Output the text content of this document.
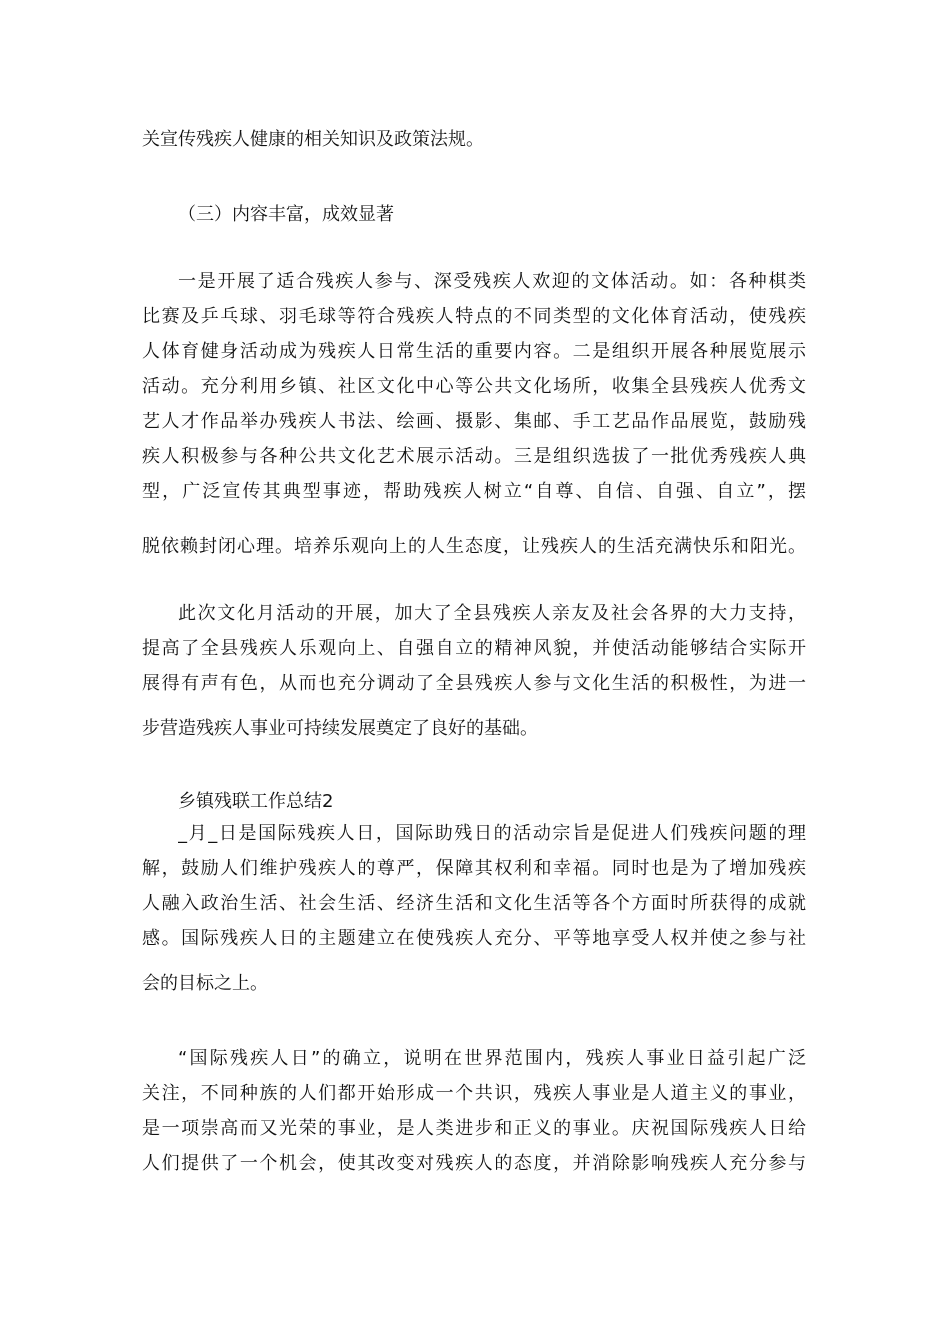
关宣传残疾人健康的相关知识及政策法规。
（三）内容丰富，成效显著
一是开展了适合残疾人参与、深受残疾人欢迎的文体活动。如：各种棋类
比赛及乒乓球、羽毛球等符合残疾人特点的不同类型的文化体育活动，使残疾
人体育健身活动成为残疾人日常生活的重要内容。二是组织开展各种展览展示
活动。充分利用乡镇、社区文化中心等公共文化场所，收集全县残疾人优秀文
艺人才作品举办残疾人书法、绘画、摄影、集邮、手工艺品作品展览，鼓励残
疾人积极参与各种公共文化艺术展示活动。三是组织选拔了一批优秀残疾人典
型，广泛宣传其典型事迹，帮助残疾人树立“自尊、自信、自强、自立”，摆
脱依赖封闭心理。培养乐观向上的人生态度，让残疾人的生活充满快乐和阳光。
此次文化月活动的开展，加大了全县残疾人亲友及社会各界的大力支持，
提高了全县残疾人乐观向上、自强自立的精神风貌，并使活动能够结合实际开
展得有声有色，从而也充分调动了全县残疾人参与文化生活的积极性，为进一
步营造残疾人事业可持续发展奠定了良好的基础。
乡镇残联工作总结2
_月_日是国际残疾人日，国际助残日的活动宗旨是促进人们残疾问题的理
解，鼓励人们维护残疾人的尊严，保障其权利和幸福。同时也是为了增加残疾
人融入政治生活、社会生活、经济生活和文化生活等各个方面时所获得的成就
感。国际残疾人日的主题建立在使残疾人充分、平等地享受人权并使之参与社
会的目标之上。
“国际残疾人日”的确立，说明在世界范围内，残疾人事业日益引起广泛
关注，不同种族的人们都开始形成一个共识，残疾人事业是人道主义的事业，
是一项崇高而又光荣的事业，是人类进步和正义的事业。庆祝国际残疾人日给
人们提供了一个机会，使其改变对残疾人的态度，并消除影响残疾人充分参与
